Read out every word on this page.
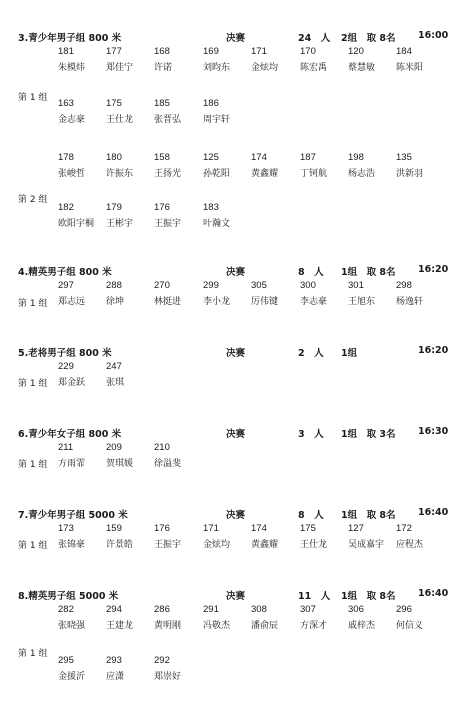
3.青少年男子组 800 米	决赛	24　人 2组　取 8名 16:00
181	177	168	169	171	170	120	184
朱模炜 郑佳宁 许诺	刘昀东 金炫均 陈宏禹 蔡慧敏 陈米阳
163	175	185	186
金志豪 王仕龙 张晋弘 周宇轩
178	180	158	125	174	187	198	135
张峻哲 许振东 王扬光 孙乾阳 黄鑫耀 丁钶航 杨志浩 洪新羽
182	179	176	183
欧阳宇桐 王彬宇 王振宇 叶瀚文
第 1 组
第 2 组
4.精英男子组 800 米	决赛	8　人 1组　取 8名 16:20
297	288	270	299	305	300	301	298
郑志远 徐坤	林挺进 李小龙 厉伟键 李志豪 王旭东 杨逸轩
第 1 组
5.老将男子组 800 米	决赛	2　人 1组	16:20
229	247
郑金跃 张琪
第 1 组
6.青少年女子组 800 米	决赛	3　人 1组　取 3名 16:30
211	209	210
方雨霏 贺琪媛 徐溢斐
第 1 组
7.青少年男子组 5000 米	决赛	8　人 1组　取 8名 16:40
173	159	176	171	174	175	127	172
张锦豪 许景皓 王振宇 金炫均 黄鑫耀 王仕龙 吴成嘉宇 应程杰
第 1 组
8.精英男子组 5000 米	决赛	11　人 1组　取 8名 16:40
282	294	286	291	308	307	306	296
张晓强 王建龙 黄明刚 冯敬杰 潘俞辰 方深才 戚梓杰 何信义
295	293	292
金援沂 应潇	郑崇好
第 1 组
